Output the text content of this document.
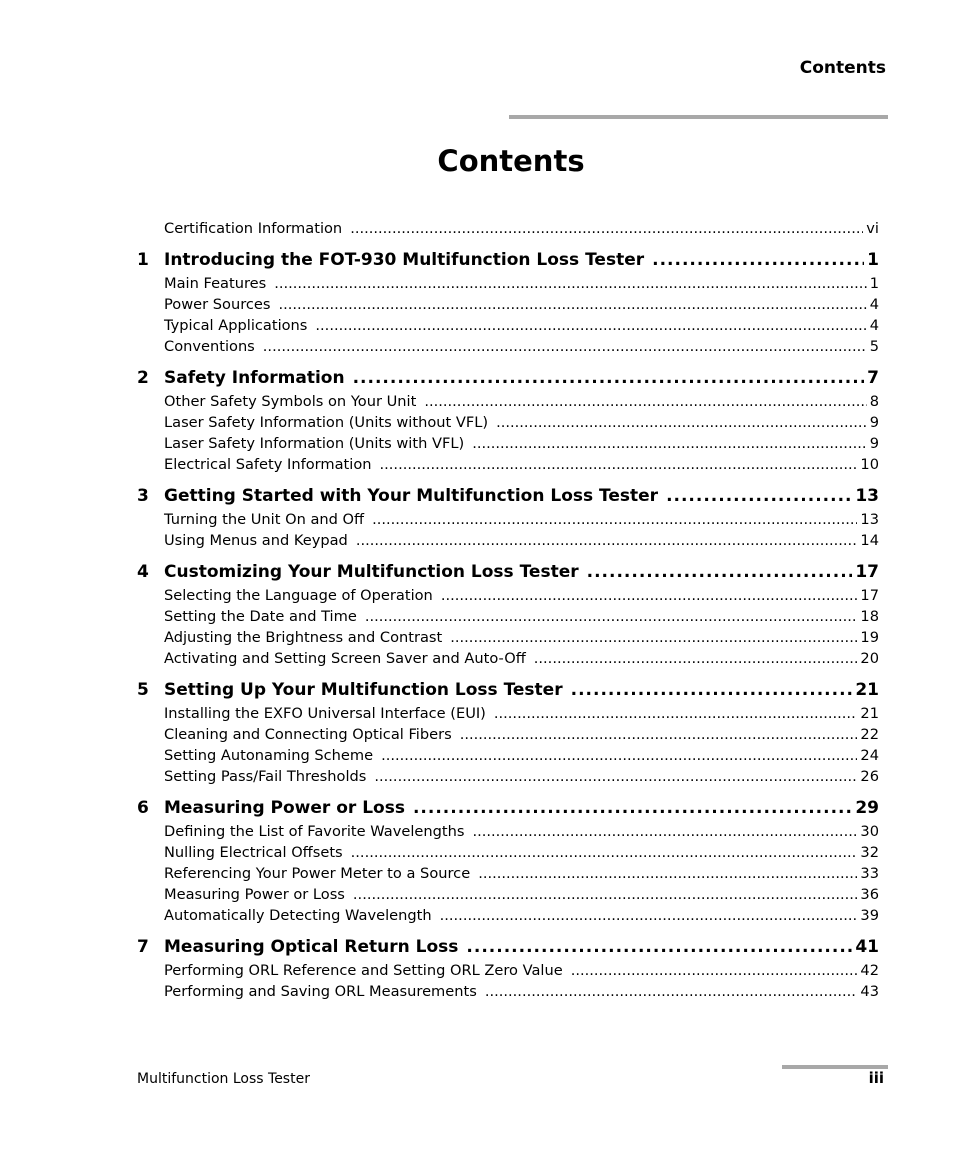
Contents
Contents
Certification Information .....	vi
1 Introducing the FOT-930 Multifunction Loss Tester .....	1
Main Features .....	1
Power Sources .....	4
Typical Applications .....	4
Conventions .....	5
2 Safety Information .....	7
Other Safety Symbols on Your Unit .....	8
Laser Safety Information (Units without VFL) .....	9
Laser Safety Information (Units with VFL) .....	9
Electrical Safety Information .....	10
3 Getting Started with Your Multifunction Loss Tester .....	13
Turning the Unit On and Off .....	13
Using Menus and Keypad .....	14
4 Customizing Your Multifunction Loss Tester .....	17
Selecting the Language of Operation .....	17
Setting the Date and Time .....	18
Adjusting the Brightness and Contrast .....	19
Activating and Setting Screen Saver and Auto-Off .....	20
5 Setting Up Your Multifunction Loss Tester .....	21
Installing the EXFO Universal Interface (EUI) .....	21
Cleaning and Connecting Optical Fibers .....	22
Setting Autonaming Scheme .....	24
Setting Pass/Fail Thresholds .....	26
6 Measuring Power or Loss .....	29
Defining the List of Favorite Wavelengths .....	30
Nulling Electrical Offsets .....	32
Referencing Your Power Meter to a Source .....	33
Measuring Power or Loss .....	36
Automatically Detecting Wavelength .....	39
7 Measuring Optical Return Loss .....	41
Performing ORL Reference and Setting ORL Zero Value .....	42
Performing and Saving ORL Measurements .....	43
Multifunction Loss Tester	iii
